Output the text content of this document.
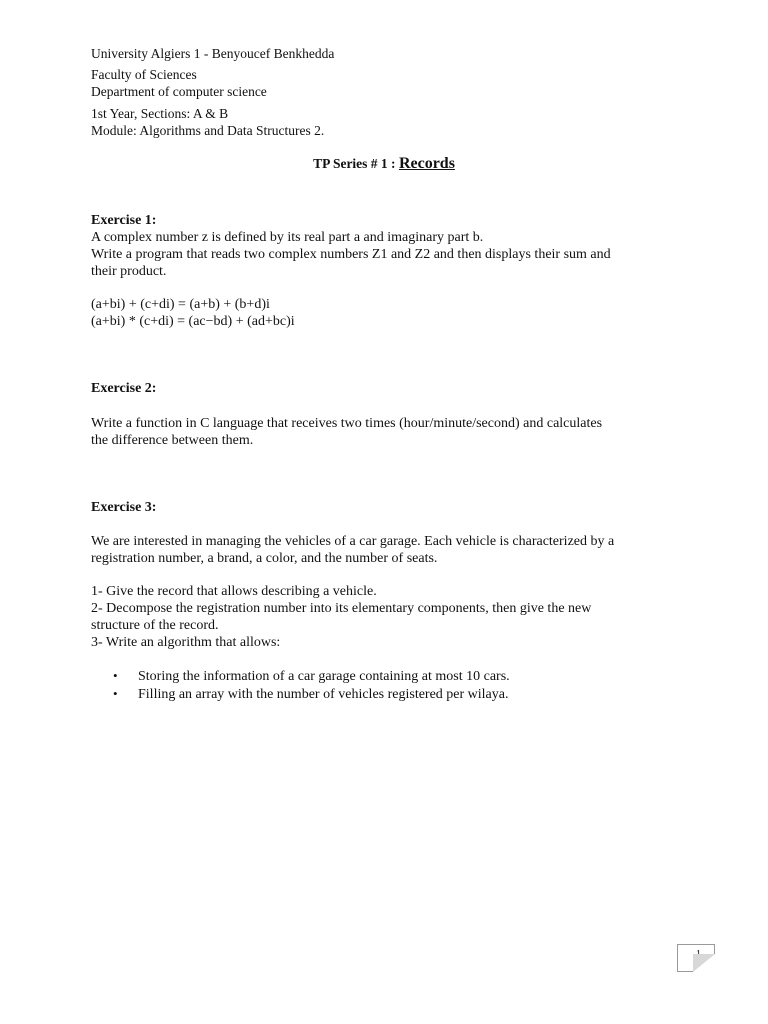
University Algiers 1 - Benyoucef Benkhedda
Faculty of Sciences
Department of computer science
1st Year, Sections: A & B
Module: Algorithms and Data Structures 2.
TP Series # 1 : Records
Exercise 1:
A complex number z is defined by its real part a and imaginary part b.
Write a program that reads two complex numbers Z1 and Z2 and then displays their sum and
their product.
(a+bi) + (c+di) = (a+b) + (b+d)i
(a+bi) * (c+di) = (ac−bd) + (ad+bc)i
Exercise 2:
Write a function in C language that receives two times (hour/minute/second) and calculates
the difference between them.
Exercise 3:
We are interested in managing the vehicles of a car garage. Each vehicle is characterized by a
registration number, a brand, a color, and the number of seats.
1- Give the record that allows describing a vehicle.
2- Decompose the registration number into its elementary components, then give the new
structure of the record.
3- Write an algorithm that allows:
• Storing the information of a car garage containing at most 10 cars.
• Filling an array with the number of vehicles registered per wilaya.
1
